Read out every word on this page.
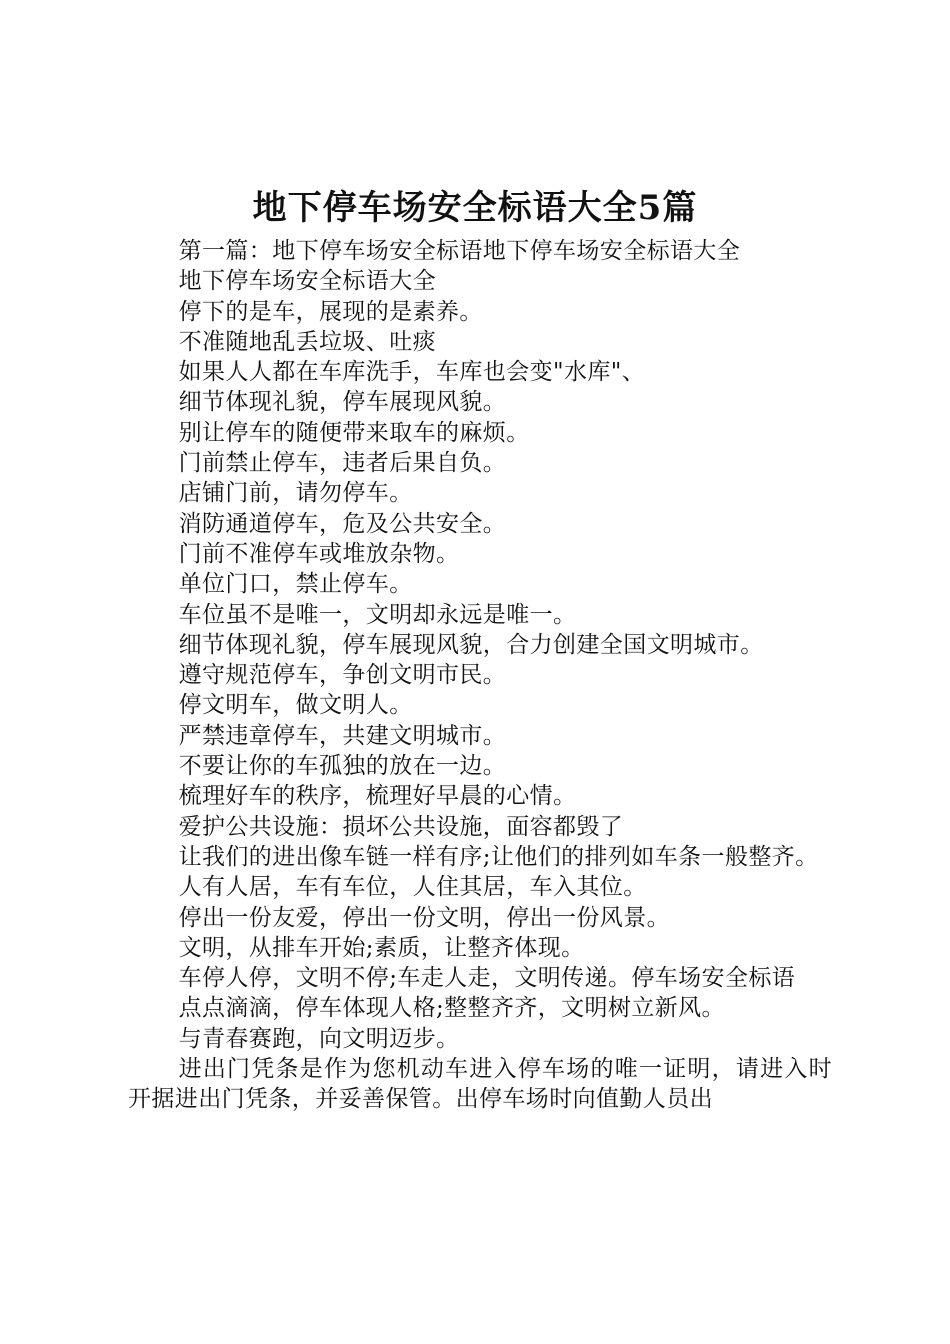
地下停车场安全标语大全5篇

第一篇：地下停车场安全标语地下停车场安全标语大全

地下停车场安全标语大全

停下的是车，展现的是素养。

不准随地乱丢垃圾、吐痰

如果人人都在车库洗手，车库也会变"水库"、

细节体现礼貌，停车展现风貌。

别让停车的随便带来取车的麻烦。

门前禁止停车，违者后果自负。

店铺门前，请勿停车。

消防通道停车，危及公共安全。

门前不准停车或堆放杂物。

单位门口，禁止停车。

车位虽不是唯一，文明却永远是唯一。

细节体现礼貌，停车展现风貌，合力创建全国文明城市。

遵守规范停车，争创文明市民。

停文明车，做文明人。

严禁违章停车，共建文明城市。

不要让你的车孤独的放在一边。

梳理好车的秩序，梳理好早晨的心情。

爱护公共设施：损坏公共设施，面容都毁了

让我们的进出像车链一样有序;让他们的排列如车条一般整齐。

人有人居，车有车位，人住其居，车入其位。

停出一份友爱，停出一份文明，停出一份风景。

文明，从排车开始;素质，让整齐体现。

车停人停，文明不停;车走人走，文明传递。停车场安全标语

点点滴滴，停车体现人格;整整齐齐，文明树立新风。

与青春赛跑，向文明迈步。

进出门凭条是作为您机动车进入停车场的唯一证明，请进入时开据进出门凭条，并妥善保管。出停车场时向值勤人员出
